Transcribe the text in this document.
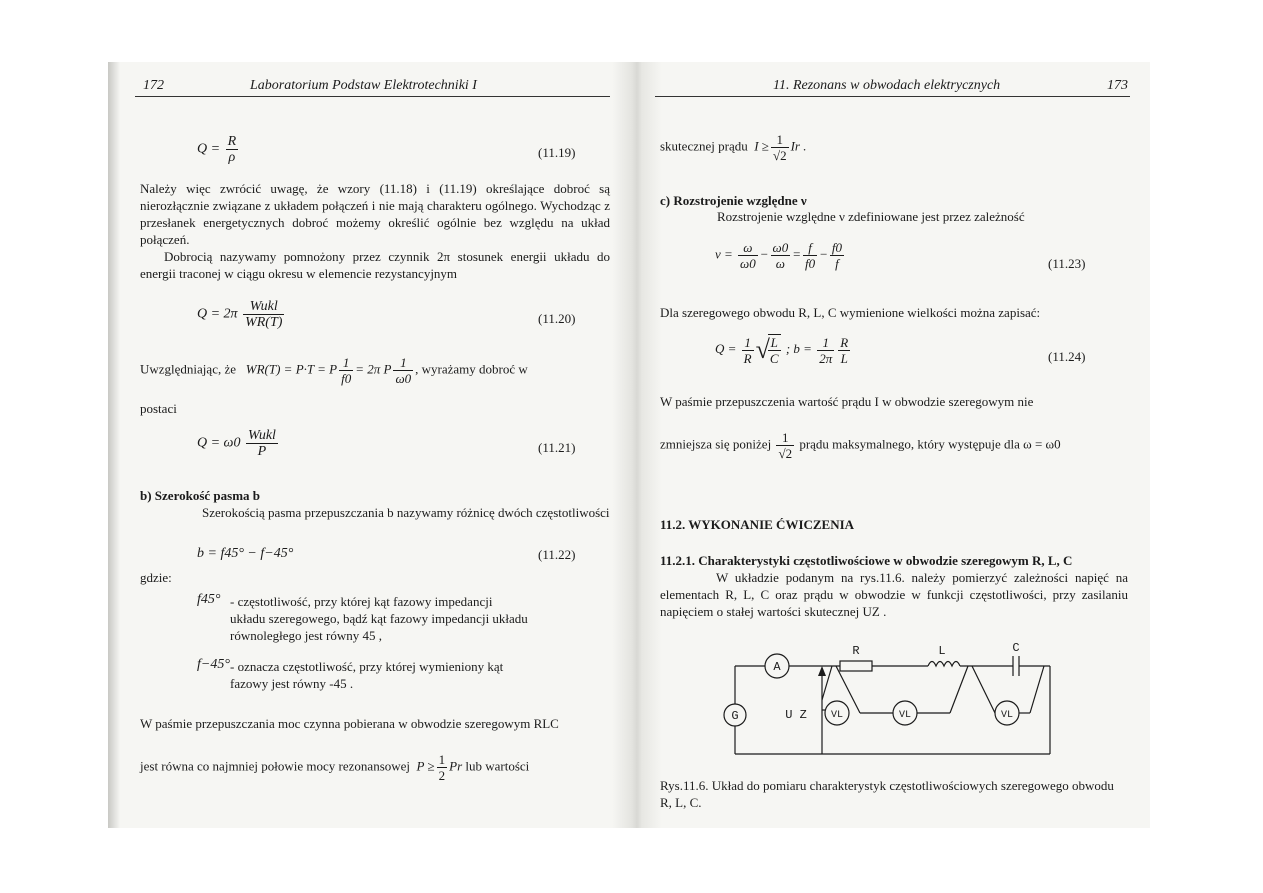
172	Laboratorium Podstaw Elektrotechniki I
$Q = \frac{R}{\rho}$	(11.19)
Należy więc zwrócić uwagę, że wzory (11.18) i (11.19) określające dobroć są nierozłącznie związane z układem połączeń i nie mają charakteru ogólnego. Wychodząc z przesłanek energetycznych dobroć możemy określić ogólnie bez względu na układ połączeń.
Dobrocią nazywamy pomnożony przez czynnik 2π stosunek energii układu do energii traconej w ciągu okresu w elemencie rezystancyjnym
Q = 2π
Wukl
WR(T)	(11.20)
Uwzględniając, że WR(T) = P·T = P $\frac{1}{f0} = 2\pi$ P $\frac{1}{\omega 0}$ , wyrażamy dobroć w
postaci
Q = ω0
Wukl
P	(11.21)
b) Szerokość pasma b
Szerokością pasma przepuszczania b nazywamy różnicę dwóch częstotliwości
b = f45° − f−45°	(11.22)
gdzie:
f45° - częstotliwość, przy której kąt fazowy impedancji układu szeregowego, bądź kąt fazowy impedancji układu równoległego jest równy 45 ,
f−45° - oznacza częstotliwość, przy której wymieniony kąt fazowy jest równy -45 .
W paśmie przepuszczania moc czynna pobierana w obwodzie szeregowym RLC
jest równa co najmniej połowie mocy rezonansowej $P \ge \frac{1}{2}$ Pr lub wartości
11. Rezonans w obwodach elektrycznych	173
skutecznej prądu $I \ge \frac{1}{√2}$ Ir .
c) Rozstrojenie względne ν
Rozstrojenie względne ν zdefiniowane jest przez zależność
$\nu = \frac{\omega}{\omega 0} - \frac{\omega 0}{\omega} = \frac{f}{f0} - \frac{f0}{f}$	(11.23)
Dla szeregowego obwodu R, L, C wymienione wielkości można zapisać:
$Q = \frac{1}{R}$ √
$\frac{L}{C}$ ; $b = \frac{1}{2\pi} \frac{R}{L}$	(11.24)
W paśmie przepuszczenia wartość prądu I w obwodzie szeregowym nie
zmniejsza się poniżej $\frac{1}{√2}$ prądu maksymalnego, który występuje dla ω = ω0
11.2. WYKONANIE ĆWICZENIA
11.2.1. Charakterystyki częstotliwościowe w obwodzie szeregowym R, L, C
W układzie podanym na rys.11.6. należy pomierzyć zależności napięć na elementach R, L, C oraz prądu w obwodzie w funkcji częstotliwości, przy zasilaniu napięciem o stałej wartości skutecznej UZ .
R	L	C
A
G	U Z VL	VL	VL
Rys.11.6. Układ do pomiaru charakterystyk częstotliwościowych szeregowego obwodu R, L, C.
